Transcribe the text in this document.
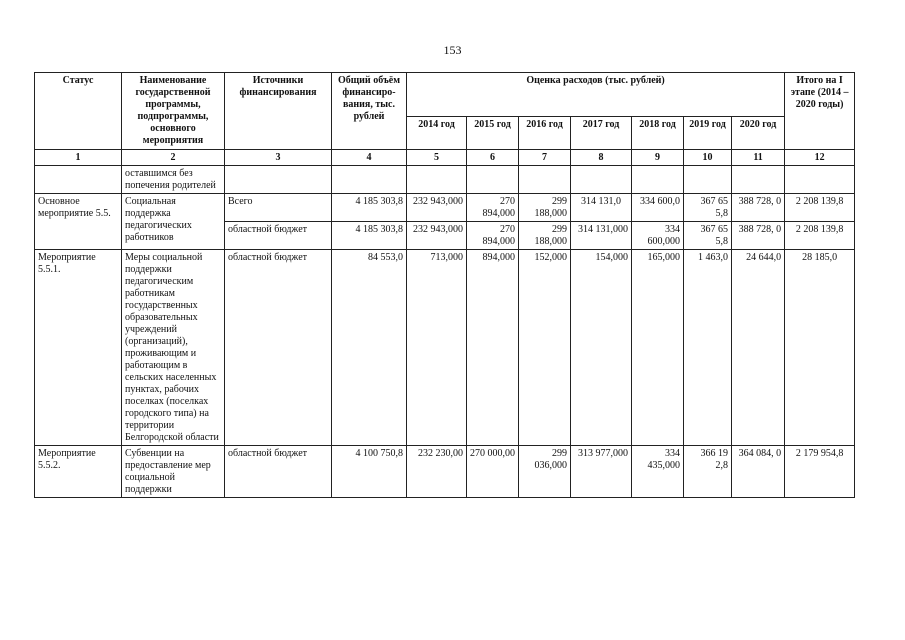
153
Статус	Наименование государственной программы, подпрограммы, основного мероприятия	Источники финансирования	Общий объём финансиро-вания, тыс. рублей	Оценка расходов (тыс. рублей)							Итого на I этапе (2014 – 2020 годы)
				2014 год	2015 год	2016 год	2017 год	2018 год	2019 год	2020 год	
1	2	3	4	5	6	7	8	9	10	11	12
	оставшимся без попечения родителей										
Основное мероприятие 5.5.	Социальная поддержка педагогических работников	Всего	4 185 303,8	232 943,000	270 894,000	299 188,000	314 131,0	334 600,0	367 65 5,8	388 728, 0	2 208 139,8
		областной бюджет	4 185 303,8	232 943,000	270 894,000	299 188,000	314 131,000	334 600,000	367 65 5,8	388 728, 0	2 208 139,8
Мероприятие 5.5.1.	Меры социальной поддержки педагогическим работникам государственных образовательных учреждений (организаций), проживающим и работающим в сельских населенных пунктах, рабочих поселках (поселках городского типа) на территории Белгородской области	областной бюджет	84 553,0	713,000	894,000	152,000	154,000	165,000	1 463,0	24 644,0	28 185,0
Мероприятие 5.5.2.	Субвенции на предоставление мер социальной поддержки	областной бюджет	4 100 750,8	232 230,00	270 000,00	299 036,000	313 977,000	334 435,000	366 19 2,8	364 084, 0	2 179 954,8
